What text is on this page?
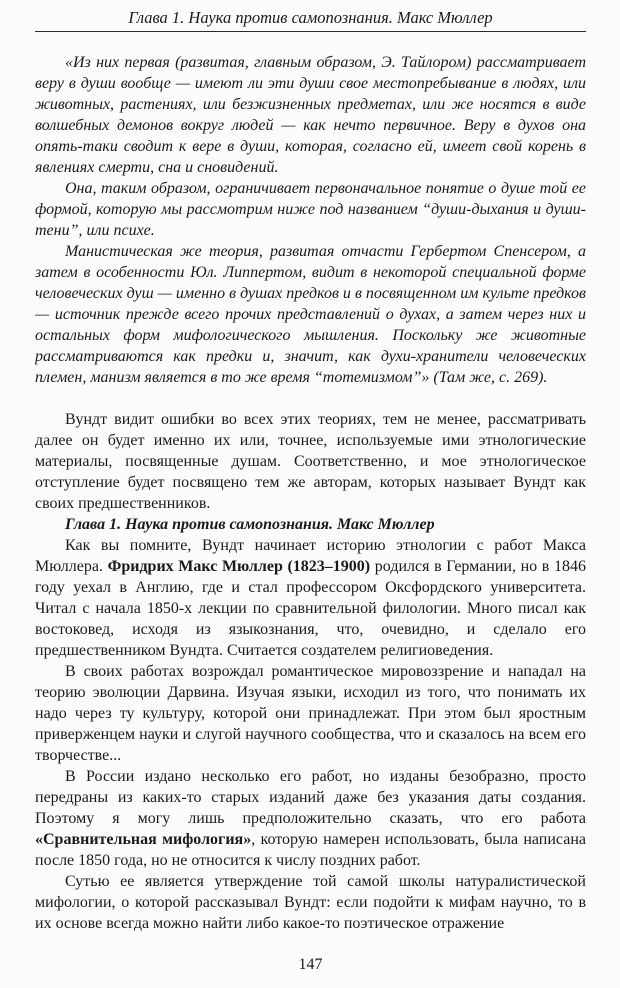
Глава 1. Наука против самопознания. Макс Мюллер

«Из них первая (развитая, главным образом, Э. Тайлором) рассматривает веру в души вообще — имеют ли эти души свое местопребывание в людях, или животных, растениях, или безжизненных предметах, или же носятся в виде волшебных демонов вокруг людей — как нечто первичное. Веру в духов она опять-таки сводит к вере в души, которая, согласно ей, имеет свой корень в явлениях смерти, сна и сновидений.

Она, таким образом, ограничивает первоначальное понятие о душе той ее формой, которую мы рассмотрим ниже под названием “души-дыхания и души-тени”, или психе.

Манистическая же теория, развитая отчасти Гербертом Спенсером, а затем в особенности Юл. Липпертом, видит в некоторой специальной форме человеческих душ — именно в душах предков и в посвященном им культе предков — источник прежде всего прочих представлений о духах, а затем через них и остальных форм мифологического мышления. Поскольку же животные рассматриваются как предки и, значит, как духи-хранители человеческих племен, манизм является в то же время “тотемизмом”» (Там же, с. 269).

Вундт видит ошибки во всех этих теориях, тем не менее, рассматривать далее он будет именно их или, точнее, используемые ими этнологические материалы, посвященные душам. Соответственно, и мое этнологическое отступление будет посвящено тем же авторам, которых называет Вундт как своих предшественников.

Глава 1. Наука против самопознания. Макс Мюллер

Как вы помните, Вундт начинает историю этнологии с работ Макса Мюллера. Фридрих Макс Мюллер (1823–1900) родился в Германии, но в 1846 году уехал в Англию, где и стал профессором Оксфордского университета. Читал с начала 1850-х лекции по сравнительной филологии. Много писал как востоковед, исходя из языкознания, что, очевидно, и сделало его предшественником Вундта. Считается создателем религиоведения.

В своих работах возрождал романтическое мировоззрение и нападал на теорию эволюции Дарвина. Изучая языки, исходил из того, что понимать их надо через ту культуру, которой они принадлежат. При этом был яростным приверженцем науки и слугой научного сообщества, что и сказалось на всем его творчестве...

В России издано несколько его работ, но изданы безобразно, просто передраны из каких-то старых изданий даже без указания даты создания. Поэтому я могу лишь предположительно сказать, что его работа «Сравнительная мифология», которую намерен использовать, была написана после 1850 года, но не относится к числу поздних работ.

Сутью ее является утверждение той самой школы натуралистической мифологии, о которой рассказывал Вундт: если подойти к мифам научно, то в их основе всегда можно найти либо какое-то поэтическое отражение

147
